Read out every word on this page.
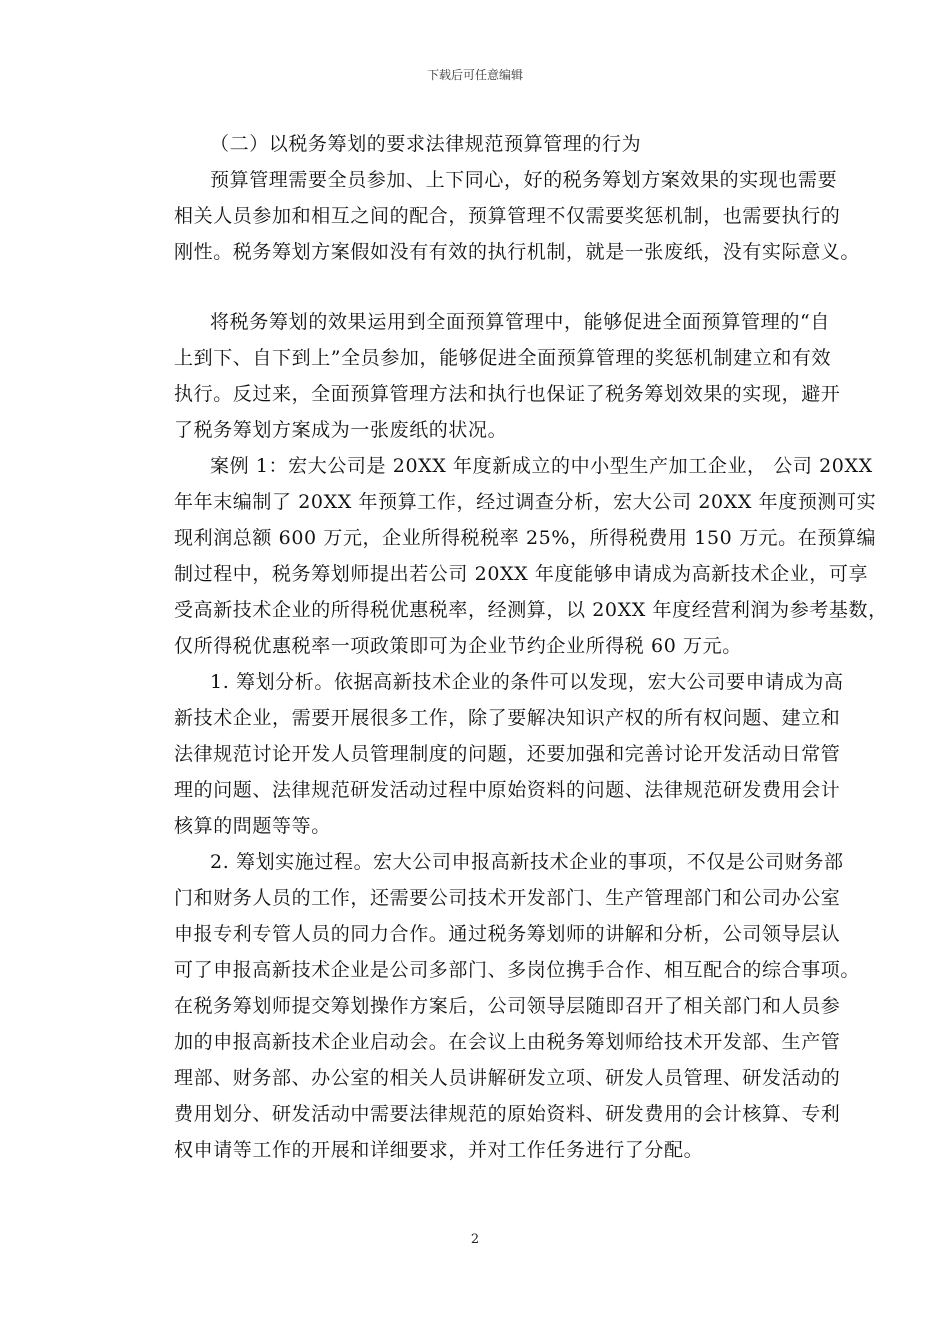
下载后可任意编辑
（二）以税务筹划的要求法律规范预算管理的行为
预算管理需要全员参加、上下同心，好的税务筹划方案效果的实现也需要
相关人员参加和相互之间的配合，预算管理不仅需要奖惩机制，也需要执行的
刚性。税务筹划方案假如没有有效的执行机制，就是一张废纸，没有实际意义。
将税务筹划的效果运用到全面预算管理中，能够促进全面预算管理的“自
上到下、自下到上”全员参加，能够促进全面预算管理的奖惩机制建立和有效
执行。反过来，全面预算管理方法和执行也保证了税务筹划效果的实现，避开
了税务筹划方案成为一张废纸的状况。
案例 1：宏大公司是 20XX 年度新成立的中小型生产加工企业， 公司 20XX
年年末编制了 20XX 年预算工作，经过调查分析，宏大公司 20XX 年度预测可实
现利润总额 600 万元，企业所得税税率 25%，所得税费用 150 万元。在预算编
制过程中，税务筹划师提出若公司 20XX 年度能够申请成为高新技术企业，可享
受高新技术企业的所得税优惠税率，经测算，以 20XX 年度经营利润为参考基数，
仅所得税优惠税率一项政策即可为企业节约企业所得税 60 万元。
1. 筹划分析。依据高新技术企业的条件可以发现，宏大公司要申请成为高
新技术企业，需要开展很多工作，除了要解决知识产权的所有权问题、建立和
法律规范讨论开发人员管理制度的问题，还要加强和完善讨论开发活动日常管
理的问题、法律规范研发活动过程中原始资料的问题、法律规范研发费用会计
核算的問题等等。
2. 筹划实施过程。宏大公司申报高新技术企业的事项，不仅是公司财务部
门和财务人员的工作，还需要公司技术开发部门、生产管理部门和公司办公室
申报专利专管人员的同力合作。通过税务筹划师的讲解和分析，公司领导层认
可了申报高新技术企业是公司多部门、多岗位携手合作、相互配合的综合事项。
在税务筹划师提交筹划操作方案后，公司领导层随即召开了相关部门和人员参
加的申报高新技术企业启动会。在会议上由税务筹划师给技术开发部、生产管
理部、财务部、办公室的相关人员讲解研发立项、研发人员管理、研发活动的
费用划分、研发活动中需要法律规范的原始资料、研发费用的会计核算、专利
权申请等工作的开展和详细要求，并对工作任务进行了分配。
2
